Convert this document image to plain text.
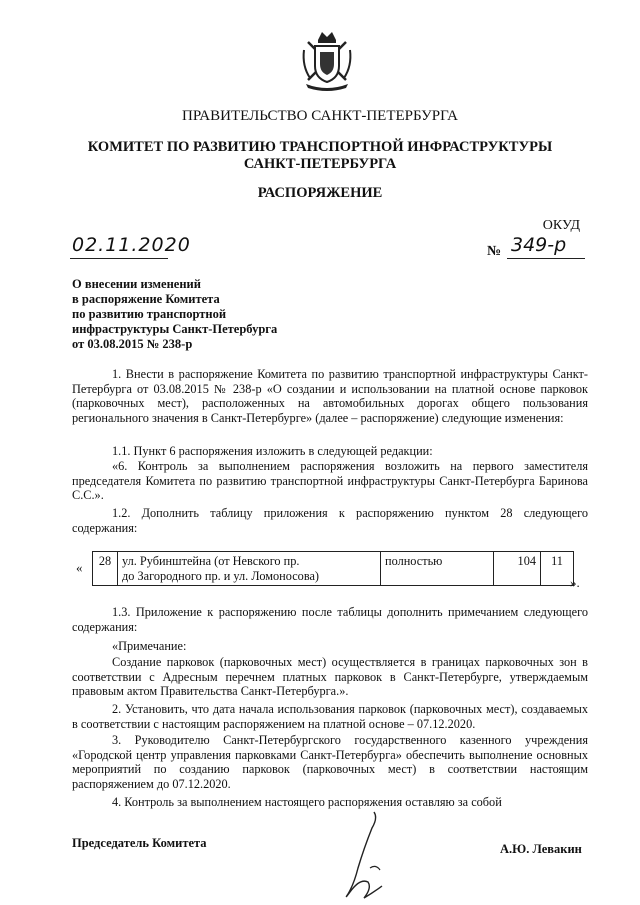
ПРАВИТЕЛЬСТВО САНКТ-ПЕТЕРБУРГА
КОМИТЕТ ПО РАЗВИТИЮ ТРАНСПОРТНОЙ ИНФРАСТРУКТУРЫ
САНКТ-ПЕТЕРБУРГА
РАСПОРЯЖЕНИЕ
ОКУД
02.11.2020	№ 349-р
О внесении изменений
в распоряжение Комитета
по развитию транспортной
инфраструктуры Санкт-Петербурга
от 03.08.2015 № 238-р
1. Внести в распоряжение Комитета по развитию транспортной инфраструктуры Санкт-Петербурга от 03.08.2015 № 238-р «О создании и использовании на платной основе парковок (парковочных мест), расположенных на автомобильных дорогах общего пользования регионального значения в Санкт-Петербурге» (далее – распоряжение) следующие изменения:
1.1. Пункт 6 распоряжения изложить в следующей редакции:
«6. Контроль за выполнением распоряжения возложить на первого заместителя председателя Комитета по развитию транспортной инфраструктуры Санкт-Петербурга Баринова С.С.».
1.2. Дополнить таблицу приложения к распоряжению пунктом 28 следующего содержания:
« 28	ул. Рубинштейна (от Невского пр.
до Загородного пр. и ул. Ломоносова)
	полностью	104	11
».
1.3. Приложение к распоряжению после таблицы дополнить примечанием следующего содержания:
«Примечание:
Создание парковок (парковочных мест) осуществляется в границах парковочных зон в соответствии с Адресным перечнем платных парковок в Санкт-Петербурге, утверждаемым правовым актом Правительства Санкт-Петербурга.».
2. Установить, что дата начала использования парковок (парковочных мест), создаваемых в соответствии с настоящим распоряжением на платной основе – 07.12.2020.
3. Руководителю Санкт-Петербургского государственного казенного учреждения «Городской центр управления парковками Санкт-Петербурга» обеспечить выполнение основных мероприятий по созданию парковок (парковочных мест) в соответствии настоящим распоряжением до 07.12.2020.
4. Контроль за выполнением настоящего распоряжения оставляю за собой
Председатель Комитета	А.Ю. Левакин
